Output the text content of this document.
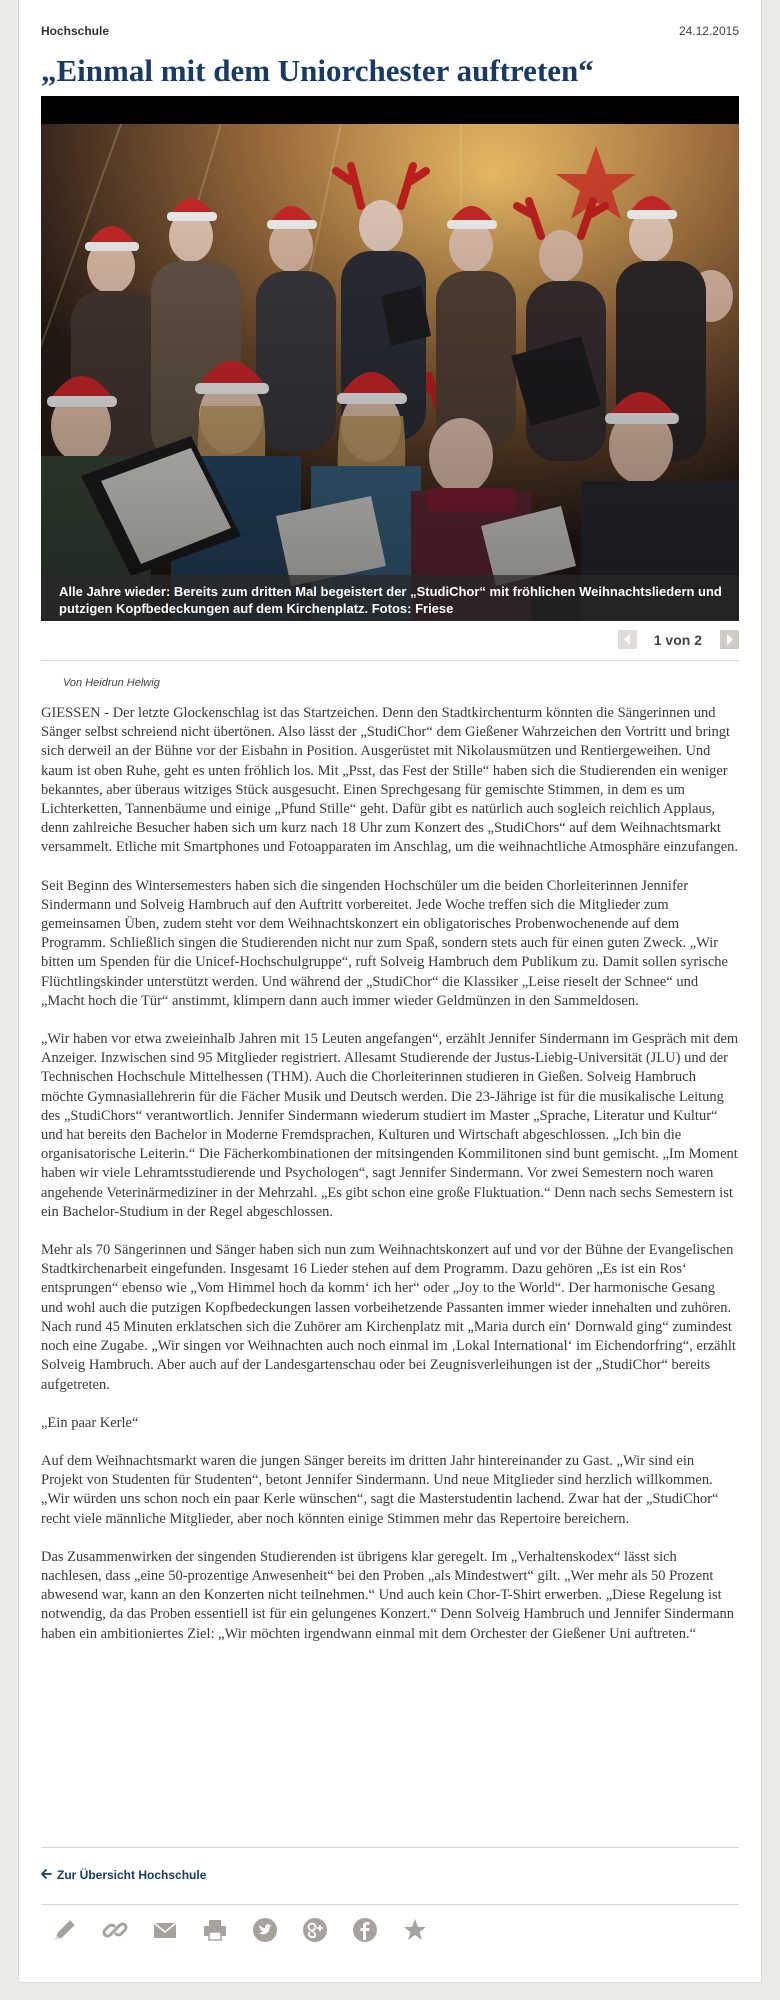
Hochschule	24.12.2015
„Einmal mit dem Uniorchester auftreten“

Alle Jahre wieder: Bereits zum dritten Mal begeistert der „StudiChor“ mit fröhlichen Weihnachtsliedern und putzigen Kopfbedeckungen auf dem Kirchenplatz. Fotos: Friese

1 von 2

Von Heidrun Helwig

GIESSEN - Der letzte Glockenschlag ist das Startzeichen. Denn den Stadtkirchenturm könnten die Sängerinnen und Sänger selbst schreiend nicht übertönen. Also lässt der „StudiChor“ dem Gießener Wahrzeichen den Vortritt und bringt sich derweil an der Bühne vor der Eisbahn in Position. Ausgerüstet mit Nikolausmützen und Rentiergeweihen. Und kaum ist oben Ruhe, geht es unten fröhlich los. Mit „Psst, das Fest der Stille“ haben sich die Studierenden ein weniger bekanntes, aber überaus witziges Stück ausgesucht. Einen Sprechgesang für gemischte Stimmen, in dem es um Lichterketten, Tannenbäume und einige „Pfund Stille“ geht. Dafür gibt es natürlich auch sogleich reichlich Applaus, denn zahlreiche Besucher haben sich um kurz nach 18 Uhr zum Konzert des „StudiChors“ auf dem Weihnachtsmarkt versammelt. Etliche mit Smartphones und Fotoapparaten im Anschlag, um die weihnachtliche Atmosphäre einzufangen.

Seit Beginn des Wintersemesters haben sich die singenden Hochschüler um die beiden Chorleiterinnen Jennifer Sindermann und Solveig Hambruch auf den Auftritt vorbereitet. Jede Woche treffen sich die Mitglieder zum gemeinsamen Üben, zudem steht vor dem Weihnachtskonzert ein obligatorisches Probenwochenende auf dem Programm. Schließlich singen die Studierenden nicht nur zum Spaß, sondern stets auch für einen guten Zweck. „Wir bitten um Spenden für die Unicef-Hochschulgruppe“, ruft Solveig Hambruch dem Publikum zu. Damit sollen syrische Flüchtlingskinder unterstützt werden. Und während der „StudiChor“ die Klassiker „Leise rieselt der Schnee“ und „Macht hoch die Tür“ anstimmt, klimpern dann auch immer wieder Geldmünzen in den Sammeldosen.

„Wir haben vor etwa zweieinhalb Jahren mit 15 Leuten angefangen“, erzählt Jennifer Sindermann im Gespräch mit dem Anzeiger. Inzwischen sind 95 Mitglieder registriert. Allesamt Studierende der Justus-Liebig-Universität (JLU) und der Technischen Hochschule Mittelhessen (THM). Auch die Chorleiterinnen studieren in Gießen. Solveig Hambruch möchte Gymnasiallehrerin für die Fächer Musik und Deutsch werden. Die 23-Jährige ist für die musikalische Leitung des „StudiChors“ verantwortlich. Jennifer Sindermann wiederum studiert im Master „Sprache, Literatur und Kultur“ und hat bereits den Bachelor in Moderne Fremdsprachen, Kulturen und Wirtschaft abgeschlossen. „Ich bin die organisatorische Leiterin.“ Die Fächerkombinationen der mitsingenden Kommilitonen sind bunt gemischt. „Im Moment haben wir viele Lehramtsstudierende und Psychologen“, sagt Jennifer Sindermann. Vor zwei Semestern noch waren angehende Veterinärmediziner in der Mehrzahl. „Es gibt schon eine große Fluktuation.“ Denn nach sechs Semestern ist ein Bachelor-Studium in der Regel abgeschlossen.

Mehr als 70 Sängerinnen und Sänger haben sich nun zum Weihnachtskonzert auf und vor der Bühne der Evangelischen Stadtkirchenarbeit eingefunden. Insgesamt 16 Lieder stehen auf dem Programm. Dazu gehören „Es ist ein Ros‘ entsprungen“ ebenso wie „Vom Himmel hoch da komm‘ ich her“ oder „Joy to the World“. Der harmonische Gesang und wohl auch die putzigen Kopfbedeckungen lassen vorbeihetzende Passanten immer wieder innehalten und zuhören. Nach rund 45 Minuten erklatschen sich die Zuhörer am Kirchenplatz mit „Maria durch ein‘ Dornwald ging“ zumindest noch eine Zugabe. „Wir singen vor Weihnachten auch noch einmal im ‚Lokal International‘ im Eichendorfring“, erzählt Solveig Hambruch. Aber auch auf der Landesgartenschau oder bei Zeugnisverleihungen ist der „StudiChor“ bereits aufgetreten.

„Ein paar Kerle“

Auf dem Weihnachtsmarkt waren die jungen Sänger bereits im dritten Jahr hintereinander zu Gast. „Wir sind ein Projekt von Studenten für Studenten“, betont Jennifer Sindermann. Und neue Mitglieder sind herzlich willkommen. „Wir würden uns schon noch ein paar Kerle wünschen“, sagt die Masterstudentin lachend. Zwar hat der „StudiChor“ recht viele männliche Mitglieder, aber noch könnten einige Stimmen mehr das Repertoire bereichern.

Das Zusammenwirken der singenden Studierenden ist übrigens klar geregelt. Im „Verhaltenskodex“ lässt sich nachlesen, dass „eine 50-prozentige Anwesenheit“ bei den Proben „als Mindestwert“ gilt. „Wer mehr als 50 Prozent abwesend war, kann an den Konzerten nicht teilnehmen.“ Und auch kein Chor-T-Shirt erwerben. „Diese Regelung ist notwendig, da das Proben essentiell ist für ein gelungenes Konzert.“ Denn Solveig Hambruch und Jennifer Sindermann haben ein ambitioniertes Ziel: „Wir möchten irgendwann einmal mit dem Orchester der Gießener Uni auftreten.“

Zur Übersicht Hochschule
